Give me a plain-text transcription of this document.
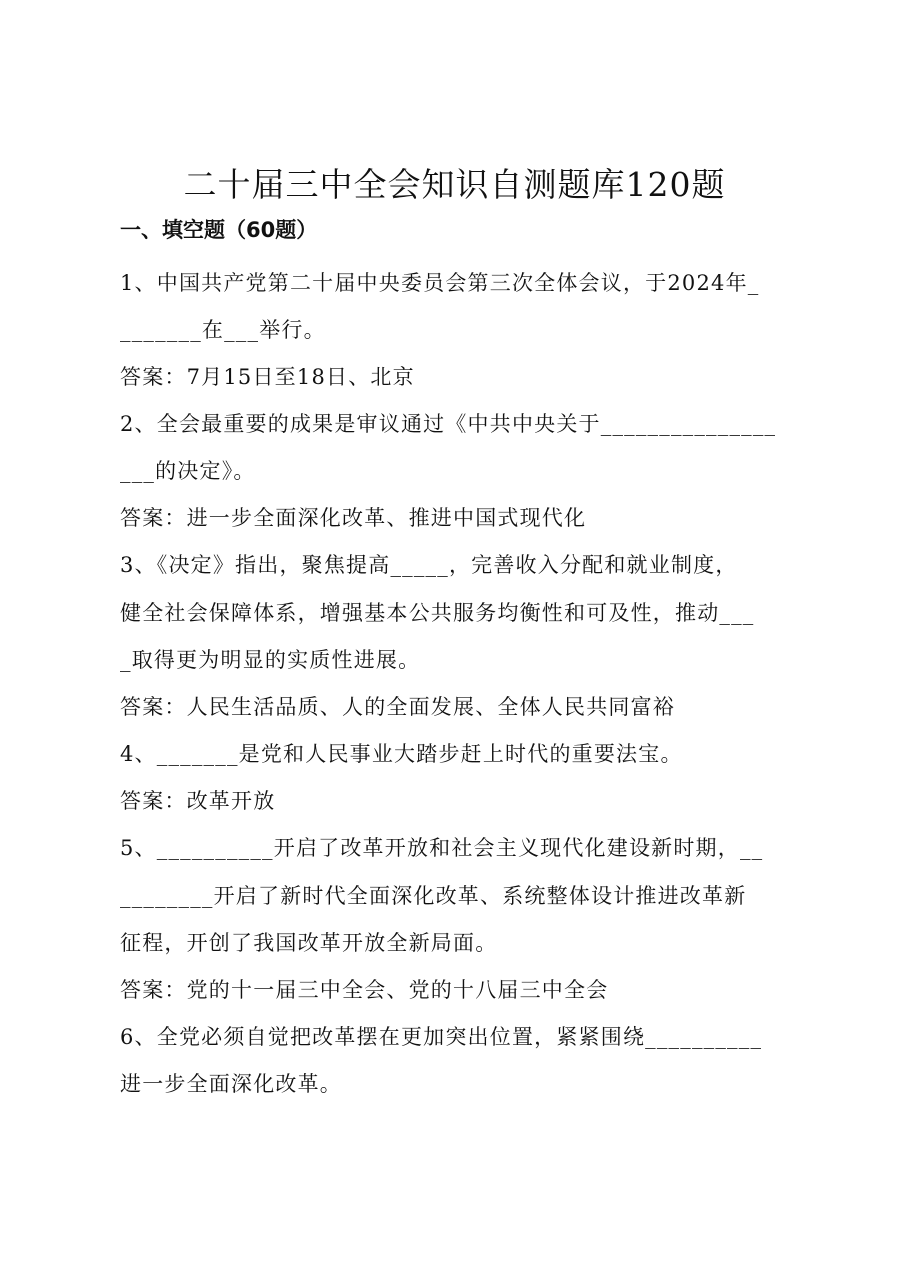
二十届三中全会知识自测题库120题
一、填空题（60题）
1、中国共产党第二十届中央委员会第三次全体会议，于2024年_
_______在___举行。
答案：7月15日至18日、北京
2、全会最重要的成果是审议通过《中共中央关于_______________
___的决定》。
答案：进一步全面深化改革、推进中国式现代化
3、《决定》指出，聚焦提高_____，完善收入分配和就业制度，
健全社会保障体系，增强基本公共服务均衡性和可及性，推动___
_取得更为明显的实质性进展。
答案：人民生活品质、人的全面发展、全体人民共同富裕
4、_______是党和人民事业大踏步赶上时代的重要法宝。
答案：改革开放
5、__________开启了改革开放和社会主义现代化建设新时期，__
________开启了新时代全面深化改革、系统整体设计推进改革新
征程，开创了我国改革开放全新局面。
答案：党的十一届三中全会、党的十八届三中全会
6、全党必须自觉把改革摆在更加突出位置，紧紧围绕__________
进一步全面深化改革。
